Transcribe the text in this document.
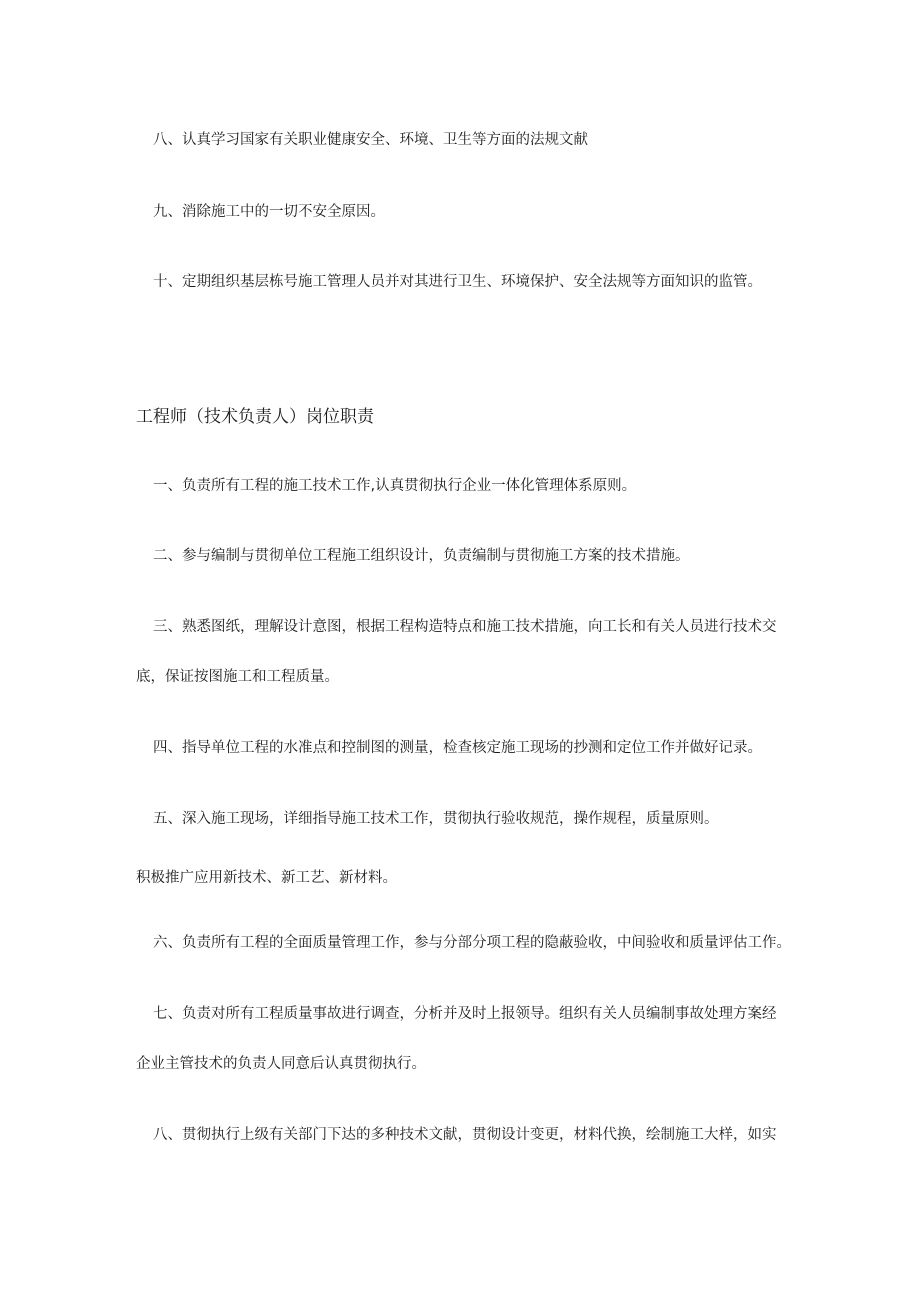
八、认真学习国家有关职业健康安全、环境、卫生等方面的法规文献
九、消除施工中的一切不安全原因。
十、定期组织基层栋号施工管理人员并对其进行卫生、环境保护、安全法规等方面知识的监管。
工程师（技术负责人）岗位职责
一、负责所有工程的施工技术工作,认真贯彻执行企业一体化管理体系原则。
二、参与编制与贯彻单位工程施工组织设计，负责编制与贯彻施工方案的技术措施。
三、熟悉图纸，理解设计意图，根据工程构造特点和施工技术措施，向工长和有关人员进行技术交
底，保证按图施工和工程质量。
四、指导单位工程的水准点和控制图的测量，检查核定施工现场的抄测和定位工作并做好记录。
五、深入施工现场，详细指导施工技术工作，贯彻执行验收规范，操作规程，质量原则。
积极推广应用新技术、新工艺、新材料。
六、负责所有工程的全面质量管理工作，参与分部分项工程的隐蔽验收，中间验收和质量评估工作。
七、负责对所有工程质量事故进行调查，分析并及时上报领导。组织有关人员编制事故处理方案经
企业主管技术的负责人同意后认真贯彻执行。
八、贯彻执行上级有关部门下达的多种技术文献，贯彻设计变更，材料代换，绘制施工大样，如实
